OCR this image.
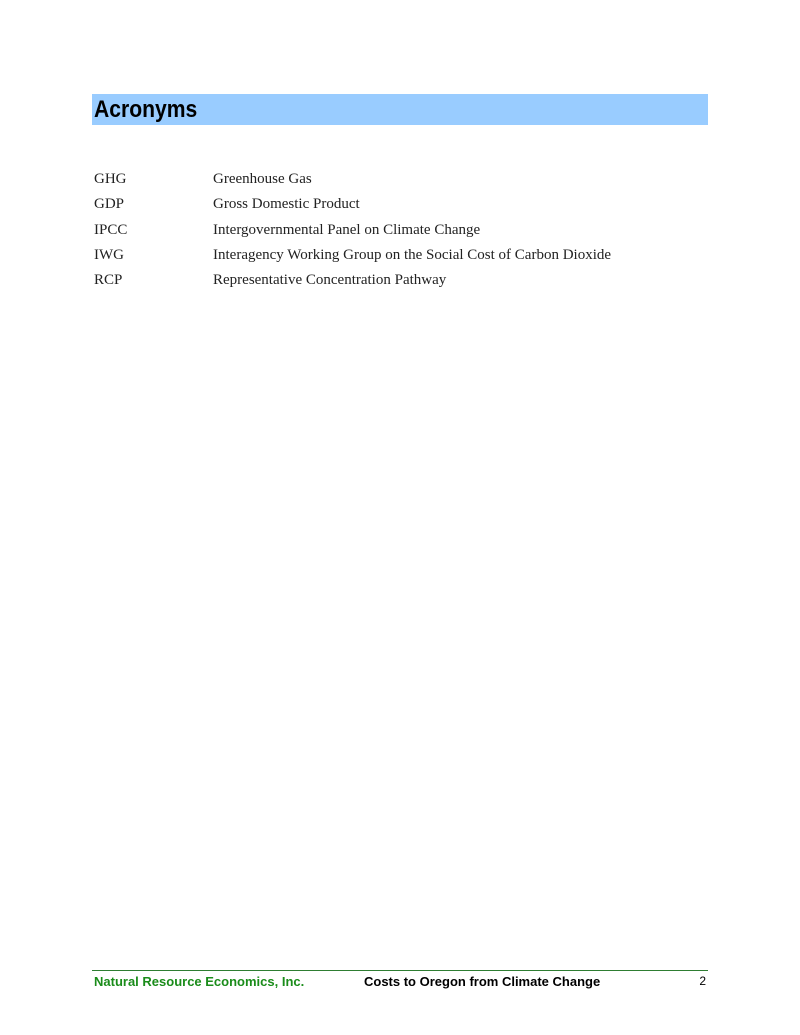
Acronyms
GHG	Greenhouse Gas
GDP	Gross Domestic Product
IPCC	Intergovernmental Panel on Climate Change
IWG	Interagency Working Group on the Social Cost of Carbon Dioxide
RCP	Representative Concentration Pathway
Natural Resource Economics, Inc.	Costs to Oregon from Climate Change	2
